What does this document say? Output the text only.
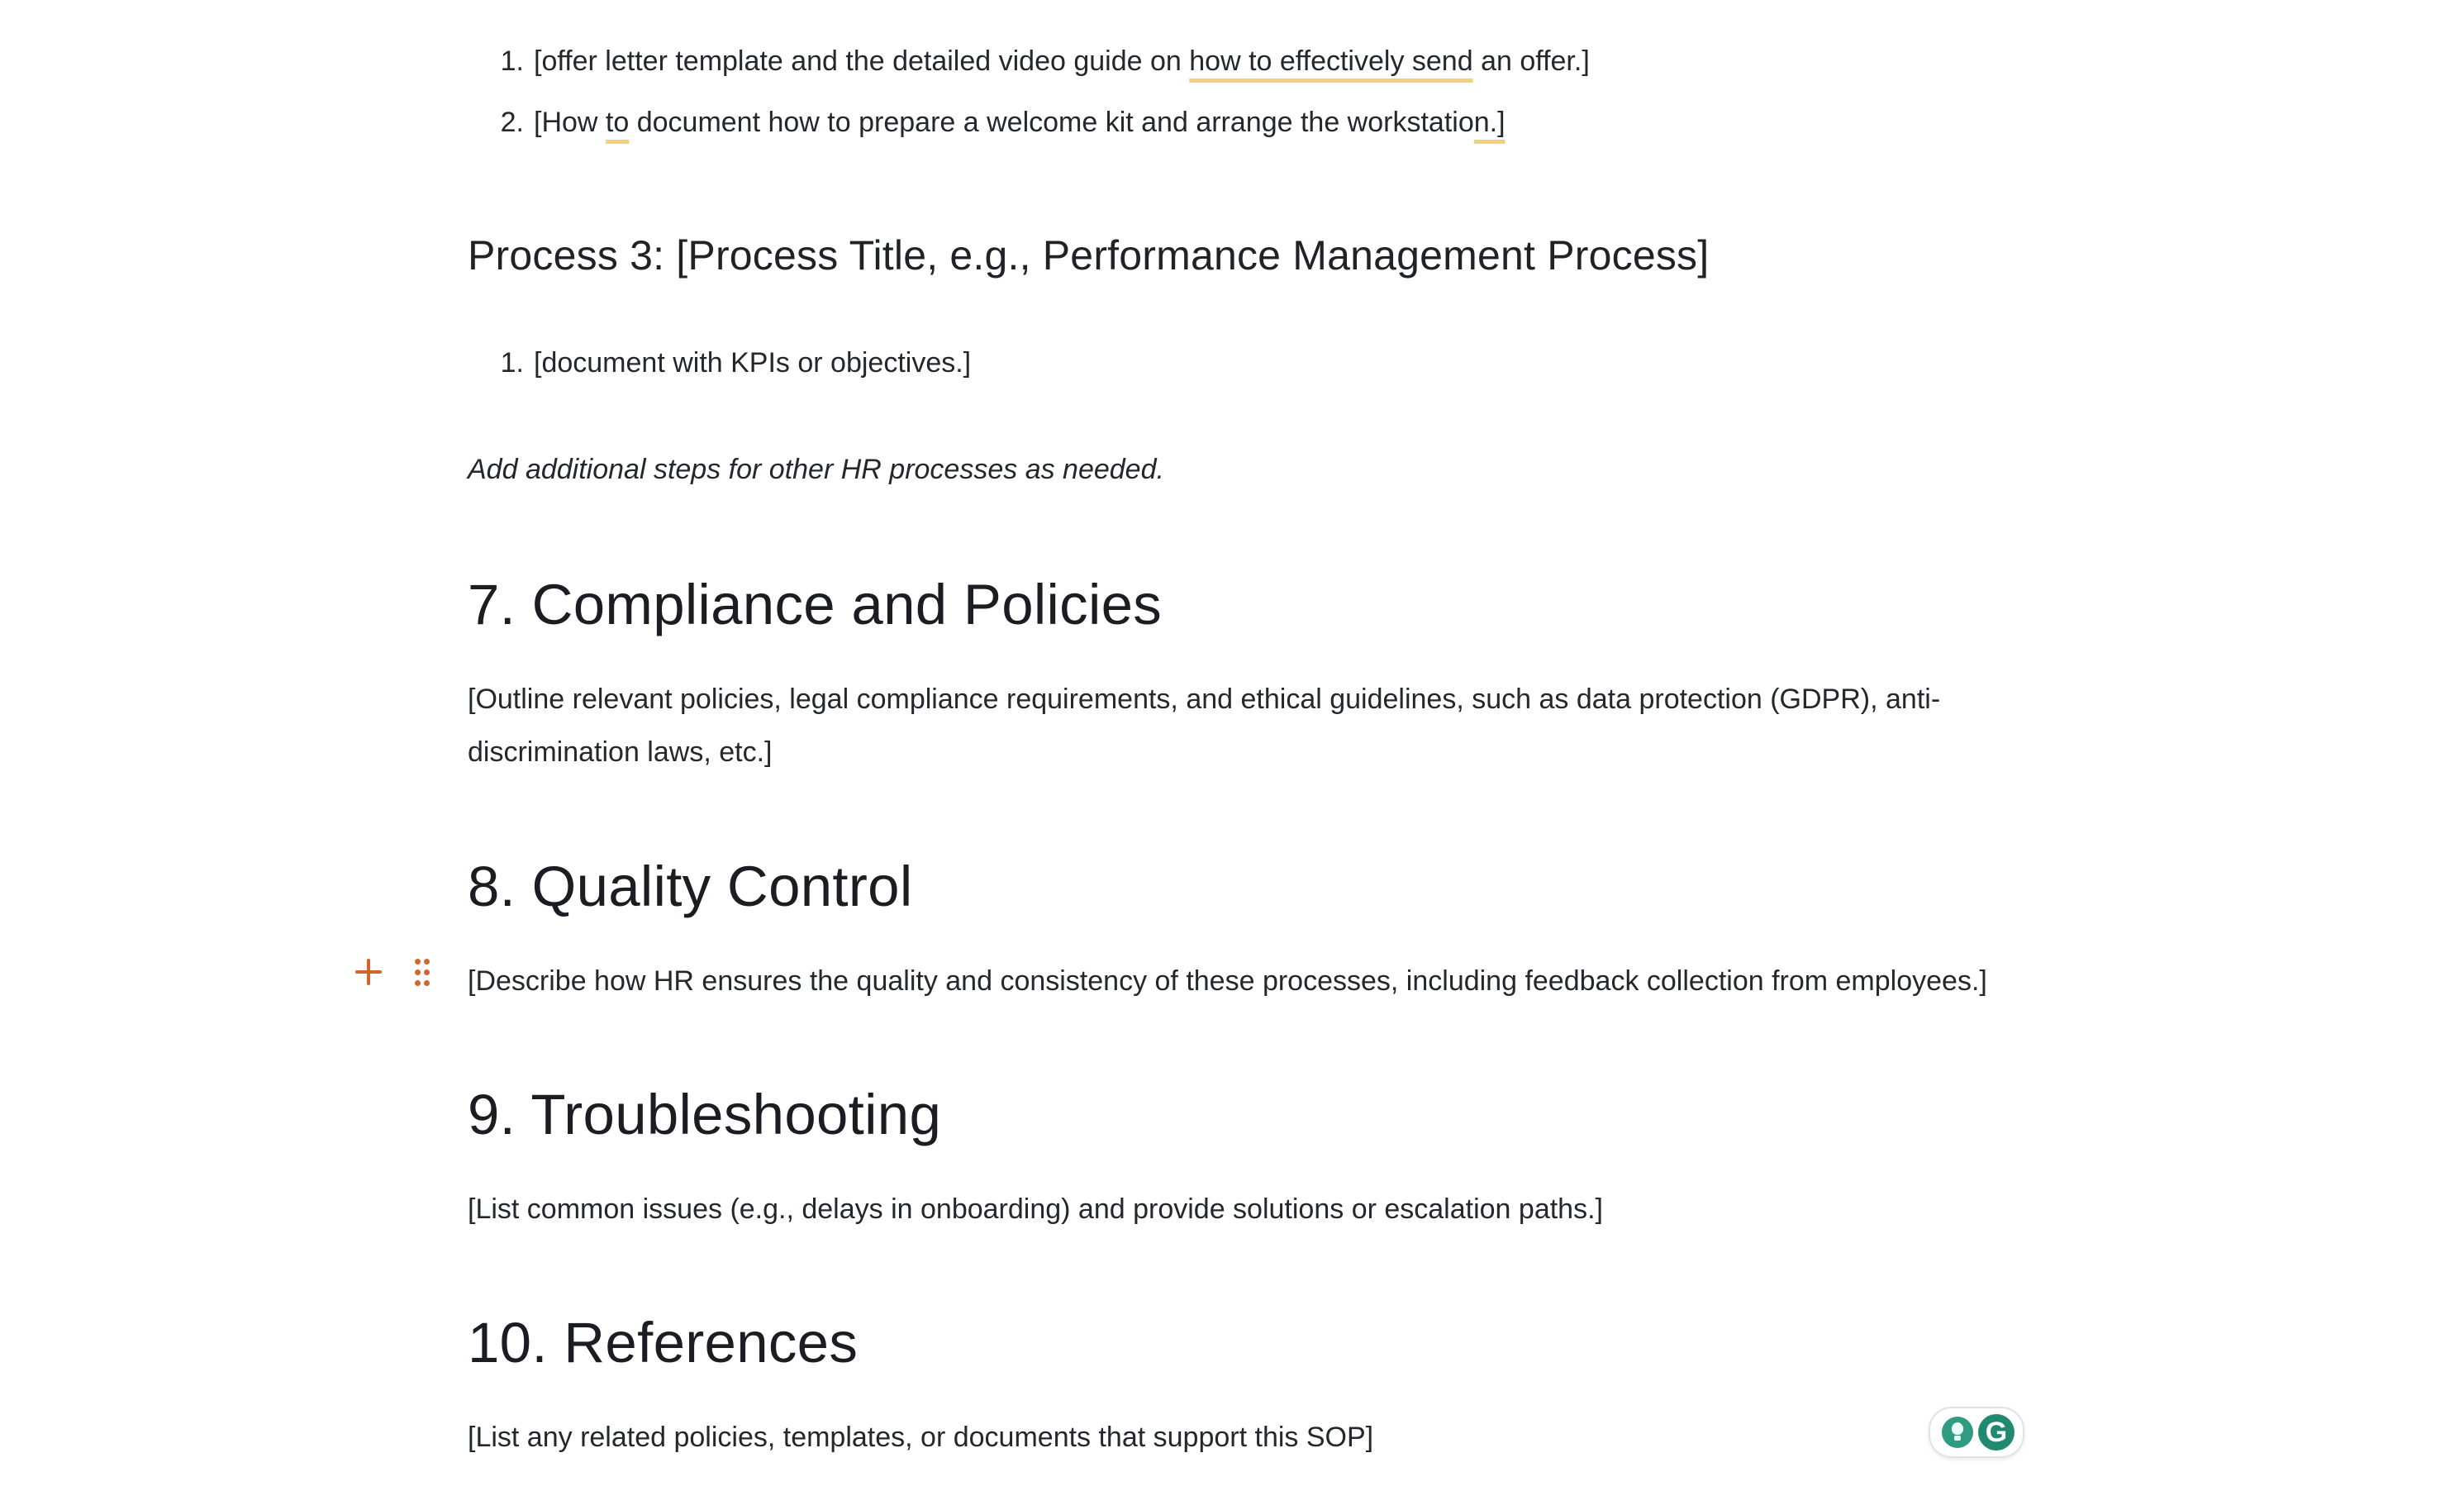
1. [offer letter template and the detailed video guide on how to effectively send an offer.]
2. [How to document how to prepare a welcome kit and arrange the workstation.]
Process 3: [Process Title, e.g., Performance Management Process]
1. [document with KPIs or objectives.]
Add additional steps for other HR processes as needed.
7. Compliance and Policies
[Outline relevant policies, legal compliance requirements, and ethical guidelines, such as data protection (GDPR), anti-
discrimination laws, etc.]
8. Quality Control
[Describe how HR ensures the quality and consistency of these processes, including feedback collection from employees.]
9. Troubleshooting
[List common issues (e.g., delays in onboarding) and provide solutions or escalation paths.]
10. References
[List any related policies, templates, or documents that support this SOP]	G
